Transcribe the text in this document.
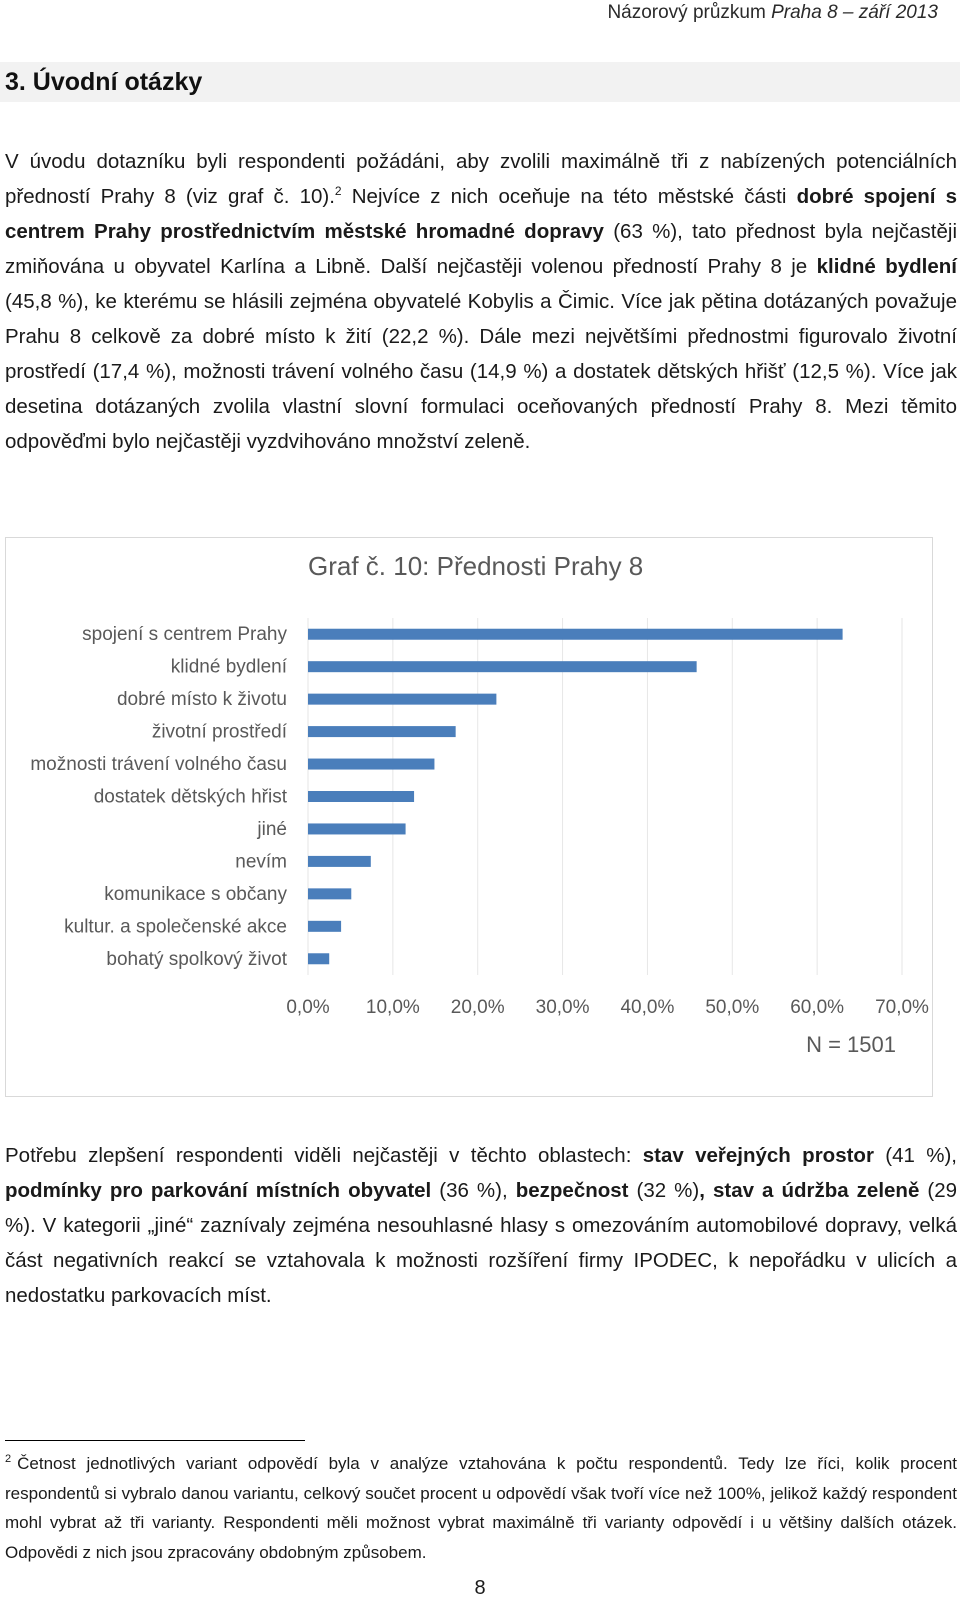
Názorový průzkum Praha 8 – září 2013
3. Úvodní otázky

V úvodu dotazníku byli respondenti požádáni, aby zvolili maximálně tři z nabízených potenciálních předností Prahy 8 (viz graf č. 10).$^2$ Nejvíce z nich oceňuje na této městské části dobré spojení s centrem Prahy prostřednictvím městské hromadné dopravy (63 %), tato přednost byla nejčastěji zmiňována u obyvatel Karlína a Libně. Další nejčastěji volenou předností Prahy 8 je klidné bydlení (45,8 %), ke kterému se hlásili zejména obyvatelé Kobylis a Čimic. Více jak pětina dotázaných považuje Prahu 8 celkově za dobré místo k žití (22,2 %). Dále mezi největšími přednostmi figurovalo životní prostředí (17,4 %), možnosti trávení volného času (14,9 %) a dostatek dětských hřišť (12,5 %). Více jak desetina dotázaných zvolila vlastní slovní formulaci oceňovaných předností Prahy 8. Mezi těmito odpověďmi bylo nejčastěji vyzdvihováno množství zeleně.

Graf č. 10: Přednosti Prahy 8
spojení s centrem Prahy
klidné bydlení
dobré místo k životu
životní prostředí
možnosti trávení volného času
dostatek dětských hřist
jiné
nevím
komunikace s občany
kultur. a společenské akce
bohatý spolkový život
0,0% 10,0% 20,0% 30,0% 40,0% 50,0% 60,0% 70,0%
N = 1501

Potřebu zlepšení respondenti viděli nejčastěji v těchto oblastech: stav veřejných prostor (41 %), podmínky pro parkování místních obyvatel (36 %), bezpečnost (32 %), stav a údržba zeleně (29 %). V kategorii „jiné“ zaznívaly zejména nesouhlasné hlasy s omezováním automobilové dopravy, velká část negativních reakcí se vztahovala k možnosti rozšíření firmy IPODEC, k nepořádku v ulicích a nedostatku parkovacích míst.

$^2$ Četnost jednotlivých variant odpovědí byla v analýze vztahována k počtu respondentů. Tedy lze říci, kolik procent respondentů si vybralo danou variantu, celkový součet procent u odpovědí však tvoří více než 100%, jelikož každý respondent mohl vybrat až tři varianty. Respondenti měli možnost vybrat maximálně tři varianty odpovědí i u většiny dalších otázek. Odpovědi z nich jsou zpracovány obdobným způsobem.

8
